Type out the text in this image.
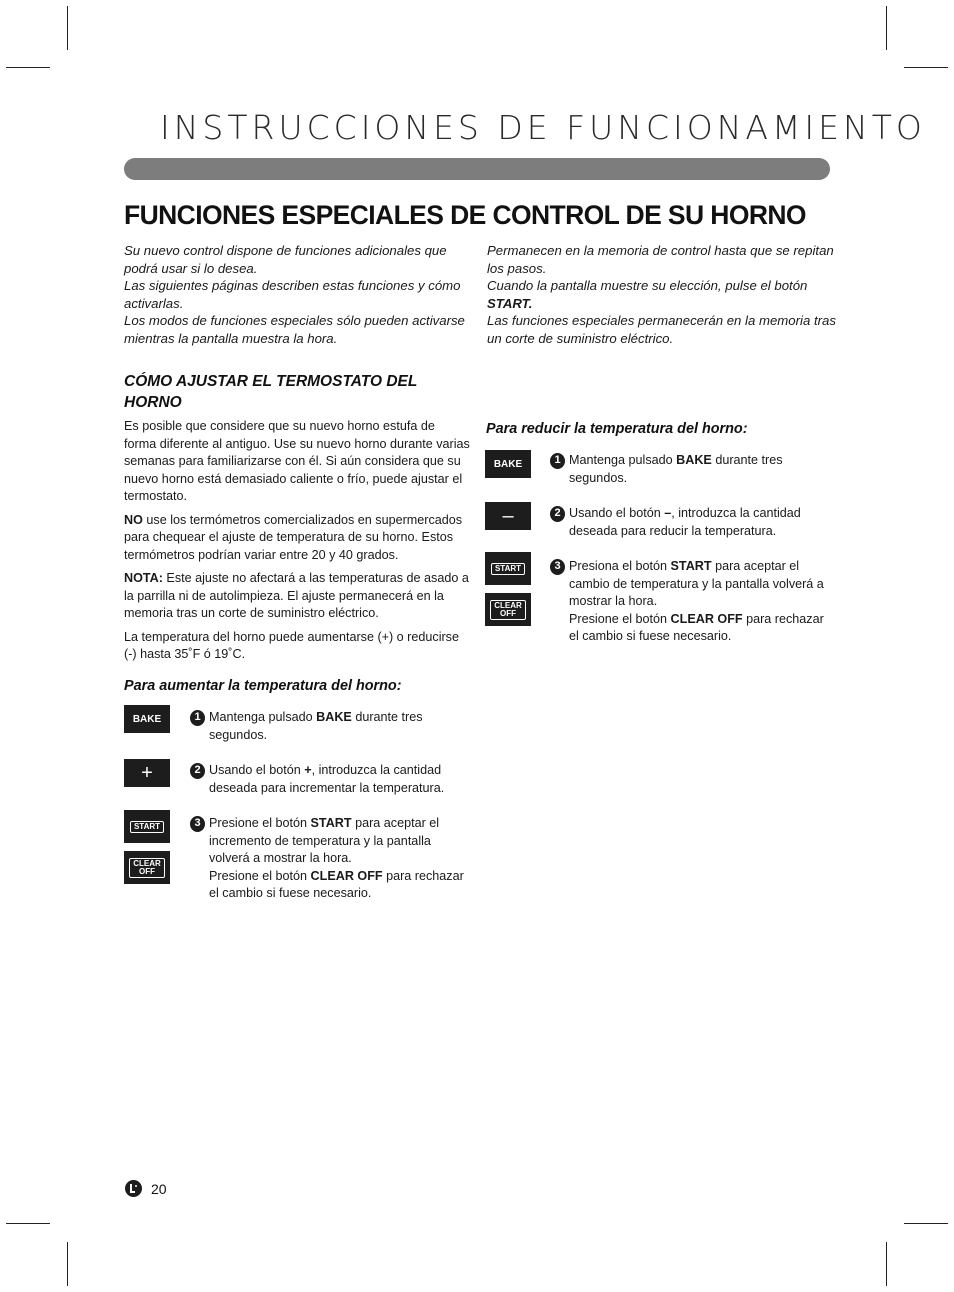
INSTRUCCIONES DE FUNCIONAMIENTO
FUNCIONES ESPECIALES DE CONTROL DE SU HORNO

Su nuevo control dispone de funciones adicionales que podrá usar si lo desea.

Las siguientes páginas describen estas funciones y cómo activarlas.

Los modos de funciones especiales sólo pueden activarse mientras la pantalla muestra la hora.

Permanecen en la memoria de control hasta que se repitan los pasos.

Cuando la pantalla muestre su elección, pulse el botón START.

Las funciones especiales permanecerán en la memoria tras un corte de suministro eléctrico.

CÓMO AJUSTAR EL TERMOSTATO DEL HORNO

Es posible que considere que su nuevo horno estufa de forma diferente al antiguo. Use su nuevo horno durante varias semanas para familiarizarse con él. Si aún considera que su nuevo horno está demasiado caliente o frío, puede ajustar el termostato.

NO use los termómetros comercializados en supermercados para chequear el ajuste de temperatura de su horno. Estos termómetros podrían variar entre 20 y 40 grados.

NOTA: Este ajuste no afectará a las temperaturas de asado a la parrilla ni de autolimpieza. El ajuste permanecerá en la memoria tras un corte de suministro eléctrico.

La temperatura del horno puede aumentarse (+) o reducirse (-) hasta 35˚F ó 19˚C.

Para aumentar la temperatura del horno:
BAKE
+
START
CLEAR
OFF
1 Mantenga pulsado BAKE durante tres segundos.
2 Usando el botón +, introduzca la cantidad deseada para incrementar la temperatura.
3 Presione el botón START para aceptar el incremento de temperatura y la pantalla volverá a mostrar la hora.
Presione el botón CLEAR OFF para rechazar el cambio si fuese necesario.
Para reducir la temperatura del horno:
BAKE
–
START
CLEAR
OFF
1 Mantenga pulsado BAKE durante tres segundos.
2 Usando el botón –, introduzca la cantidad deseada para reducir la temperatura.
3 Presiona el botón START para aceptar el cambio de temperatura y la pantalla volverá a mostrar la hora.
Presione el botón CLEAR OFF para rechazar el cambio si fuese necesario.
20
